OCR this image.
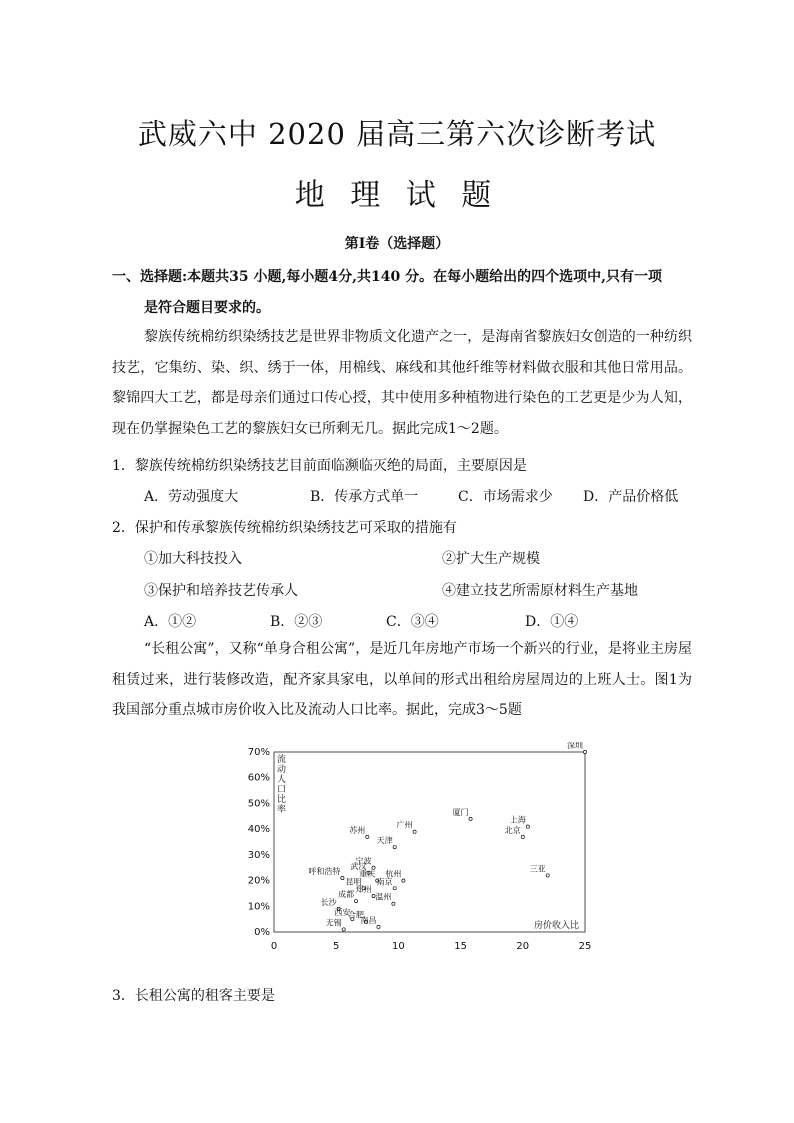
武威六中 2020 届高三第六次诊断考试
地 理 试 题
第Ⅰ卷（选择题）
一、选择题:本题共35 小题,每小题4分,共140 分。在每小题给出的四个选项中,只有一项
是符合题目要求的。
黎族传统棉纺织染绣技艺是世界非物质文化遗产之一，是海南省黎族妇女创造的一种纺织技艺，它集纺、染、织、绣于一体，用棉线、麻线和其他纤维等材料做衣服和其他日常用品。黎锦四大工艺，都是母亲们通过口传心授，其中使用多种植物进行染色的工艺更是少为人知，现在仍掌握染色工艺的黎族妇女已所剩无几。据此完成1～2题。
1．黎族传统棉纺织染绣技艺目前面临濒临灭绝的局面，主要原因是
A．劳动强度大	B．传承方式单一	C．市场需求少 D．产品价格低
2．保护和传承黎族传统棉纺织染绣技艺可采取的措施有
①加大科技投入	②扩大生产规模
③保护和培养技艺传承人	④建立技艺所需原材料生产基地
A．①②	B．②③	C．③④	D．①④
“长租公寓”，又称“单身合租公寓”，是近几年房地产市场一个新兴的行业，是将业主房屋租赁过来，进行装修改造，配齐家具家电，以单间的形式出租给房屋周边的上班人士。图1为我国部分重点城市房价收入比及流动人口比率。据此，完成3～5题
0%
10%
20%
30%
40%
50%
60%
70%
0	5	10	15	20	25
深圳
厦门
上海
北京
广州
苏州
天津
三亚
宁波
武汉
呼和浩特 重庆
昆明
杭州
南京
成都
郑州
温州
长沙
西安
合肥
无锡 南昌
流动人口比率
房价收入比
3．长租公寓的租客主要是
